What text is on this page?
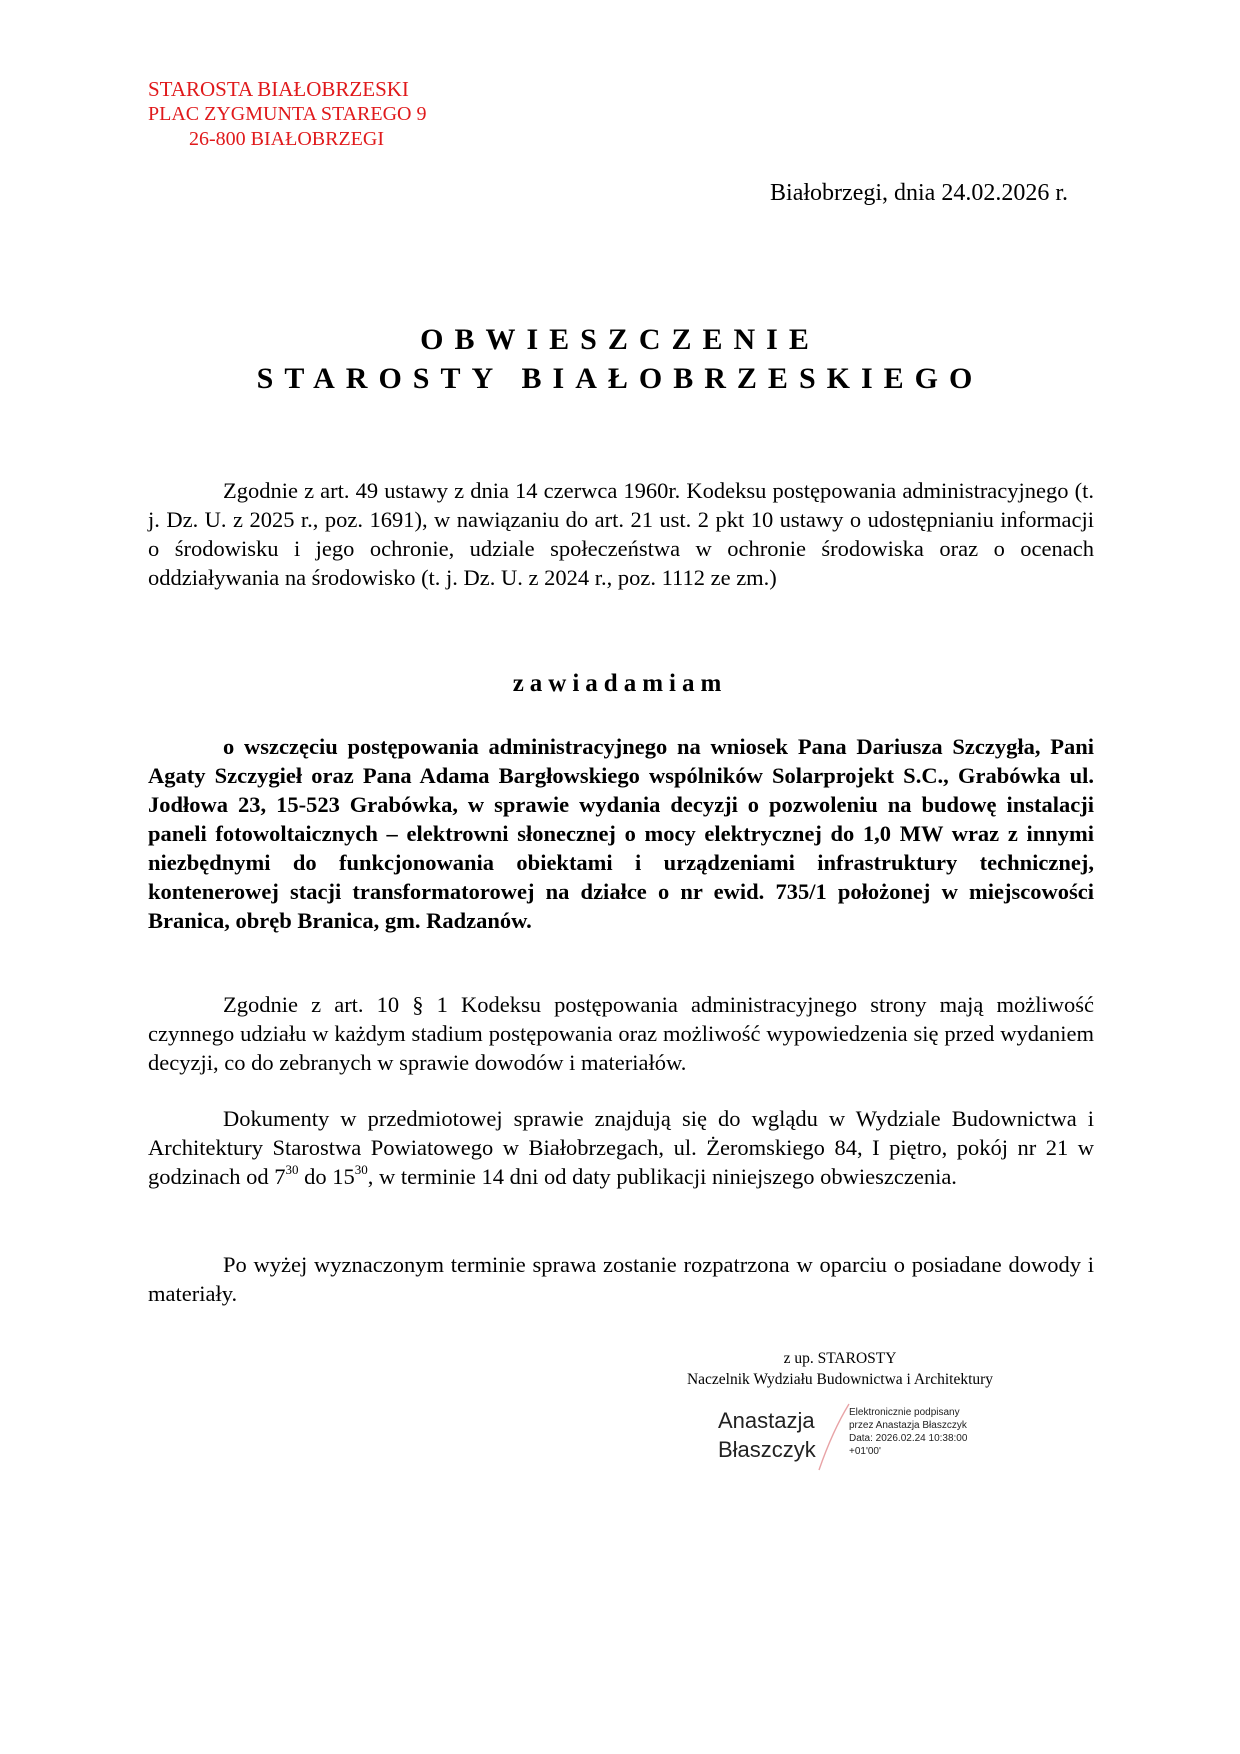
STAROSTA BIAŁOBRZESKI
PLAC ZYGMUNTA STAREGO 9
26-800 BIAŁOBRZEGI
Białobrzegi, dnia 24.02.2026 r.
OBWIESZCZENIE
STAROSTY BIAŁOBRZESKIEGO
Zgodnie z art. 49 ustawy z dnia 14 czerwca 1960r. Kodeksu postępowania administracyjnego (t. j. Dz. U. z 2025 r., poz. 1691), w nawiązaniu do art. 21 ust. 2 pkt 10 ustawy o udostępnianiu informacji o środowisku i jego ochronie, udziale społeczeństwa w ochronie środowiska oraz o ocenach oddziaływania na środowisko (t. j. Dz. U. z 2024 r., poz. 1112 ze zm.)
zawiadamiam
o wszczęciu postępowania administracyjnego na wniosek Pana Dariusza Szczygła, Pani Agaty Szczygieł oraz Pana Adama Bargłowskiego wspólników Solarprojekt S.C., Grabówka ul. Jodłowa 23, 15-523 Grabówka, w sprawie wydania decyzji o pozwoleniu na budowę instalacji paneli fotowoltaicznych – elektrowni słonecznej o mocy elektrycznej do 1,0 MW wraz z innymi niezbędnymi do funkcjonowania obiektami i urządzeniami infrastruktury technicznej, kontenerowej stacji transformatorowej na działce o nr ewid. 735/1 położonej w miejscowości Branica, obręb Branica, gm. Radzanów.
Zgodnie z art. 10 § 1 Kodeksu postępowania administracyjnego strony mają możliwość czynnego udziału w każdym stadium postępowania oraz możliwość wypowiedzenia się przed wydaniem decyzji, co do zebranych w sprawie dowodów i materiałów.
Dokumenty w przedmiotowej sprawie znajdują się do wglądu w Wydziale Budownictwa i Architektury Starostwa Powiatowego w Białobrzegach, ul. Żeromskiego 84, I piętro, pokój nr 21 w godzinach od $7^{30}$ do $15^{30}$, w terminie 14 dni od daty publikacji niniejszego obwieszczenia.
Po wyżej wyznaczonym terminie sprawa zostanie rozpatrzona w oparciu o posiadane dowody i materiały.
z up. STAROSTY
Naczelnik Wydziału Budownictwa i Architektury
Anastazja
Błaszczyk
Elektronicznie podpisany
przez Anastazja Błaszczyk
Data: 2026.02.24 10:38:00
+01'00'
